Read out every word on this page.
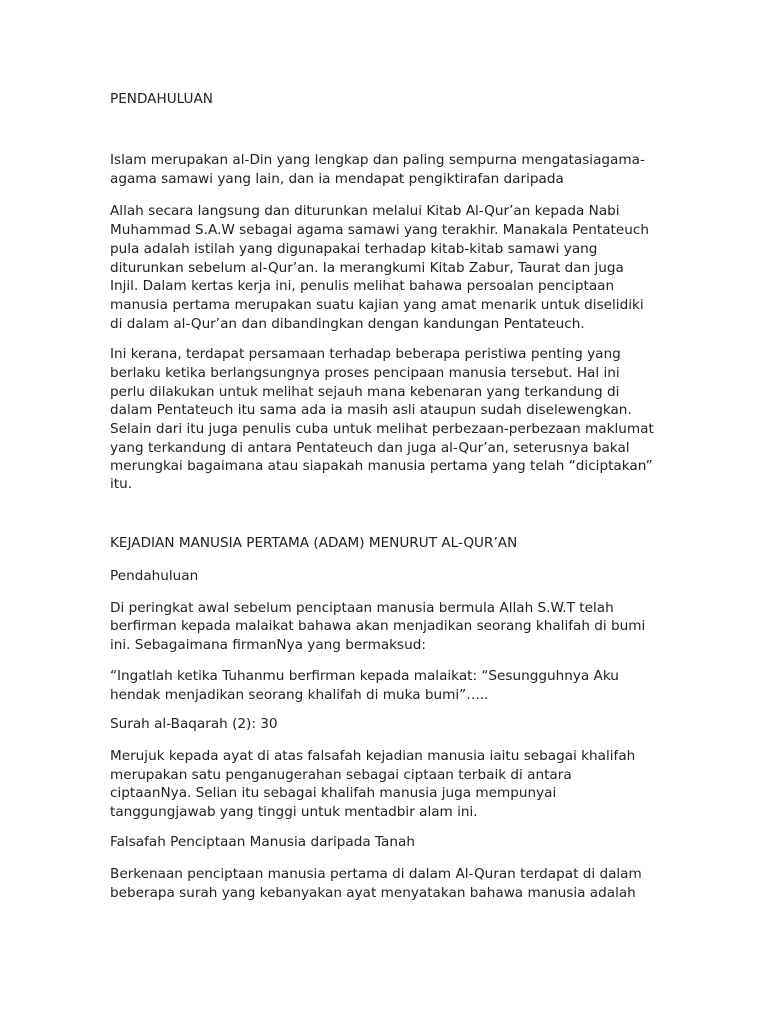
PENDAHULUAN
Islam merupakan al-Din yang lengkap dan paling sempurna mengatasiagama-
agama samawi yang lain, dan ia mendapat pengiktirafan daripada
Allah secara langsung dan diturunkan melalui Kitab Al-Qur’an kepada Nabi
Muhammad S.A.W sebagai agama samawi yang terakhir. Manakala Pentateuch
pula adalah istilah yang digunapakai terhadap kitab-kitab samawi yang
diturunkan sebelum al-Qur’an. Ia merangkumi Kitab Zabur, Taurat dan juga
Injil. Dalam kertas kerja ini, penulis melihat bahawa persoalan penciptaan
manusia pertama merupakan suatu kajian yang amat menarik untuk diselidiki
di dalam al-Qur’an dan dibandingkan dengan kandungan Pentateuch.
Ini kerana, terdapat persamaan terhadap beberapa peristiwa penting yang
berlaku ketika berlangsungnya proses pencipaan manusia tersebut. Hal ini
perlu dilakukan untuk melihat sejauh mana kebenaran yang terkandung di
dalam Pentateuch itu sama ada ia masih asli ataupun sudah diselewengkan.
Selain dari itu juga penulis cuba untuk melihat perbezaan-perbezaan maklumat
yang terkandung di antara Pentateuch dan juga al-Qur’an, seterusnya bakal
merungkai bagaimana atau siapakah manusia pertama yang telah “diciptakan”
itu.
KEJADIAN MANUSIA PERTAMA (ADAM) MENURUT AL-QUR’AN
Pendahuluan
Di peringkat awal sebelum penciptaan manusia bermula Allah S.W.T telah
berfirman kepada malaikat bahawa akan menjadikan seorang khalifah di bumi
ini. Sebagaimana firmanNya yang bermaksud:
“Ingatlah ketika Tuhanmu berfirman kepada malaikat: “Sesungguhnya Aku
hendak menjadikan seorang khalifah di muka bumi”…..
Surah al-Baqarah (2): 30
Merujuk kepada ayat di atas falsafah kejadian manusia iaitu sebagai khalifah
merupakan satu penganugerahan sebagai ciptaan terbaik di antara
ciptaanNya. Selian itu sebagai khalifah manusia juga mempunyai
tanggungjawab yang tinggi untuk mentadbir alam ini.
Falsafah Penciptaan Manusia daripada Tanah
Berkenaan penciptaan manusia pertama di dalam Al-Quran terdapat di dalam
beberapa surah yang kebanyakan ayat menyatakan bahawa manusia adalah
